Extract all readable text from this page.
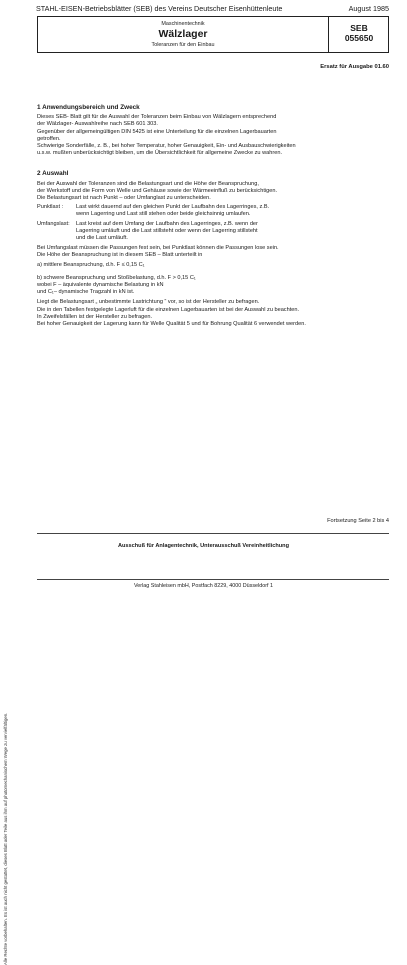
STAHL-EISEN-Betriebsblätter (SEB) des Vereins Deutscher Eisenhüttenleute	August 1985
Alle Rechte vorbehalten. Es ist auch nicht gestattet, dieses Blatt oder Teile aus ihm auf photomechanischem Wege zu vervielfältigen.
Maschinentechnik
Wälzlager
Toleranzen für den Einbau
SEB
055650
Ersatz für Ausgabe 01.60
1 Anwendungsbereich und Zweck

Dieses SEB- Blatt gilt für die Auswahl der Toleranzen beim Einbau von Wälzlagern entsprechend

der Wälzlager- Auswahlreihe nach SEB 601 303.

Gegenüber der allgemeingültigen DIN 5425 ist eine Unterteilung für die einzelnen Lagerbauarten

getroffen.

Schwierige Sonderfälle, z. B., bei hoher Temperatur, hoher Genauigkeit, Ein- und Ausbauschwierigkeiten

u.s.w. mußten unberücksichtigt bleiben, um die Übersichtlichkeit für allgemeine Zwecke zu wahren.

2 Auswahl

Bei der Auswahl der Toleranzen sind die Belastungsart und die Höhe der Beanspruchung,

der Werkstoff und die Form von Welle und Gehäuse sowie der Wärmeeinfluß zu berücksichtigen.

Die Belastungsart ist nach Punkt – oder Umfanglast zu unterscheiden.

Punktlast :	Last wirkt dauernd auf den gleichen Punkt der Laufbahn des Lagerringes, z.B.

wenn Lagerring und Last still stehen oder beide gleichsinnig umlaufen.

Umfangslast:	Last kreist auf dem Umfang der Laufbahn des Lagerringes, z.B. wenn der

Lagerring umläuft und die Last stillsteht oder wenn der Lagerring stillsteht

und die Last umläuft.

Bei Umfangslast müssen die Passungen fest sein, bei Punktlast können die Passungen lose sein.

Die Höhe der Beanspruchung ist in diesem SEB – Blatt unterteilt in

a) mittlere Beanspruchung, d.h. F ≤ 0,15 C₁

b) schwere Beanspruchung und Stoßbelastung, d.h. F > 0,15 C₁

wobei F – äquivalente dynamische Belastung in kN

und C₁– dynamische Tragzahl in kN ist.

Liegt die Belastungsart „ unbestimmte Lastrichtung “ vor, so ist der Hersteller zu befragen.

Die in den Tabellen festgelegte Lagerluft für die einzelnen Lagerbauarten ist bei der Auswahl zu beachten.

In Zweifelsfällen ist der Hersteller zu befragen.

Bei hoher Genauigkeit der Lagerung kann für Welle Qualität 5 und für Bohrung Qualität 6 verwendet werden.

Fortsetzung Seite 2 bis 4
Ausschuß für Anlagentechnik, Unterausschuß Vereinheitlichung
Verlag Stahleisen mbH, Postfach 8229, 4000 Düsseldorf 1
